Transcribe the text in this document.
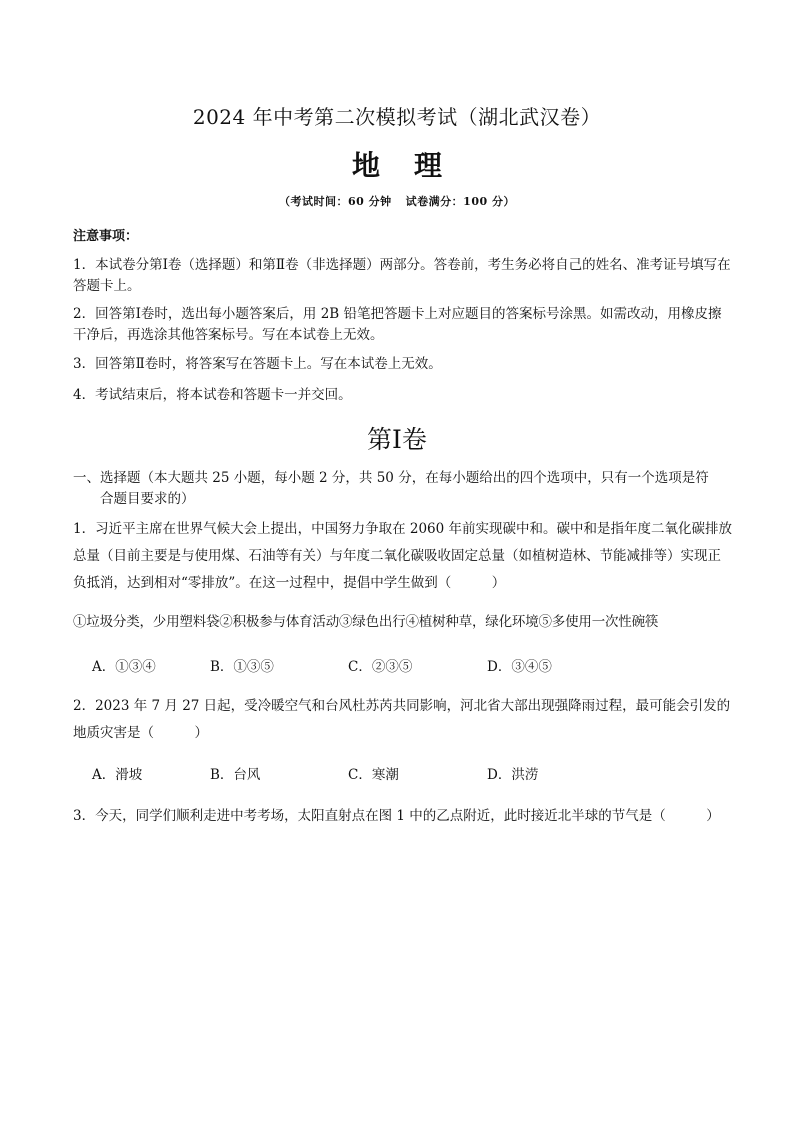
2024 年中考第二次模拟考试（湖北武汉卷）
地 理
（考试时间：60 分钟 试卷满分：100 分）
注意事项：
1．本试卷分第Ⅰ卷（选择题）和第Ⅱ卷（非选择题）两部分。答卷前，考生务必将自己的姓名、准考证号填写在答题卡上。
2．回答第Ⅰ卷时，选出每小题答案后，用 2B 铅笔把答题卡上对应题目的答案标号涂黑。如需改动，用橡皮擦干净后，再选涂其他答案标号。写在本试卷上无效。
3．回答第Ⅱ卷时，将答案写在答题卡上。写在本试卷上无效。
4．考试结束后，将本试卷和答题卡一并交回。
第Ⅰ卷
一、选择题（本大题共 25 小题，每小题 2 分，共 50 分，在每小题给出的四个选项中，只有一个选项是符
合题目要求的）
1．习近平主席在世界气候大会上提出，中国努力争取在 2060 年前实现碳中和。碳中和是指年度二氧化碳排放总量（目前主要是与使用煤、石油等有关）与年度二氧化碳吸收固定总量（如植树造林、节能减排等）实现正负抵消，达到相对“零排放”。在这一过程中，提倡中学生做到（　　　）
①垃圾分类，少用塑料袋②积极参与体育活动③绿色出行④植树种草，绿化环境⑤多使用一次性碗筷
A．①③④	B．①③⑤	C．②③⑤	D．③④⑤
2．2023 年 7 月 27 日起，受冷暖空气和台风杜苏芮共同影响，河北省大部出现强降雨过程，最可能会引发的地质灾害是（　　　）
A．滑坡	B．台风	C．寒潮	D．洪涝
3．今天，同学们顺利走进中考考场，太阳直射点在图 1 中的乙点附近，此时接近北半球的节气是（　　　）
